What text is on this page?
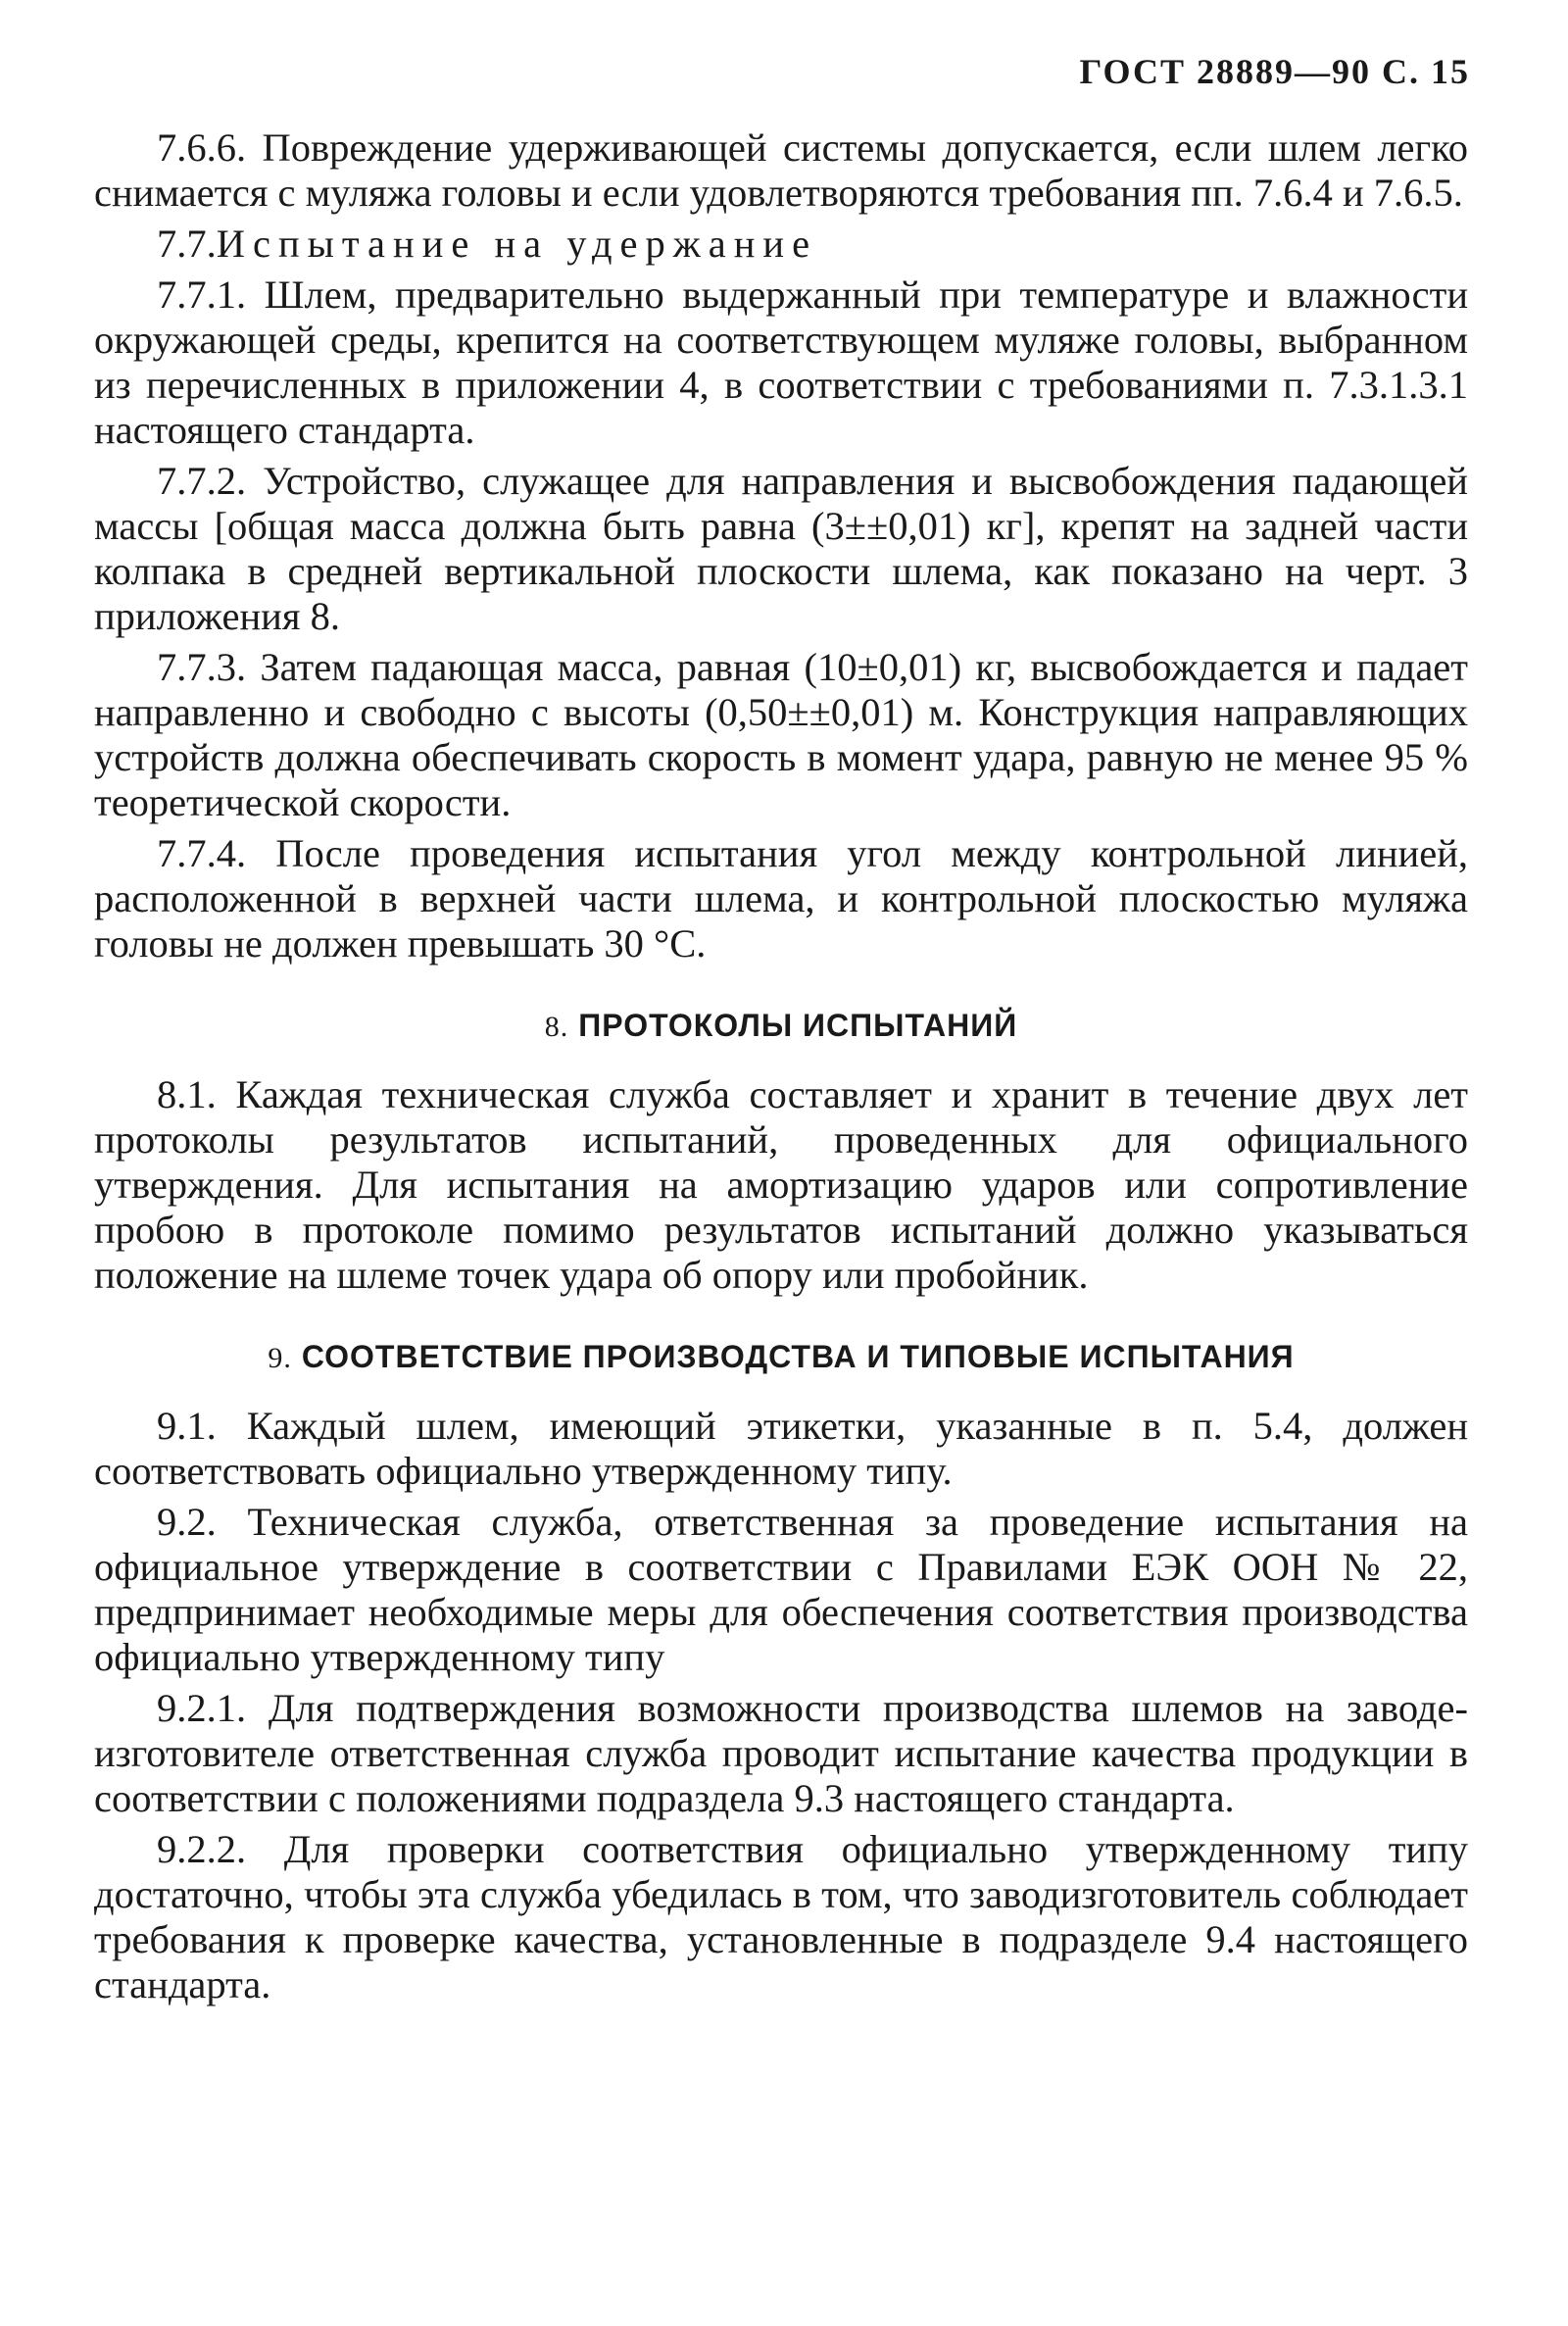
ГОСТ 28889—90 С. 15

7.6.6. Повреждение удерживающей системы допускается, если шлем легко снимается с муляжа головы и если удовлетворяются требования пп. 7.6.4 и 7.6.5.

7.7.Испытание на удержание

7.7.1. Шлем, предварительно выдержанный при температуре и влажности окружающей среды, крепится на соответствующем муляже головы, выбранном из перечисленных в приложении 4, в соответствии с требованиями п. 7.3.1.3.1 настоящего стандарта.

7.7.2. Устройство, служащее для направления и высвобождения падающей массы [общая масса должна быть равна (3±±0,01) кг], крепят на задней части колпака в средней вертикальной плоскости шлема, как показано на черт. 3 приложения 8.

7.7.3. Затем падающая масса, равная (10±0,01) кг, высвобождается и падает направленно и свободно с высоты (0,50±±0,01) м. Конструкция направляющих устройств должна обеспечивать скорость в момент удара, равную не менее 95 % теоретической скорости.

7.7.4. После проведения испытания угол между контрольной линией, расположенной в верхней части шлема, и контрольной плоскостью муляжа головы не должен превышать 30 °С.

8. ПРОТОКОЛЫ ИСПЫТАНИЙ

8.1. Каждая техническая служба составляет и хранит в течение двух лет протоколы результатов испытаний, проведенных для официального утверждения. Для испытания на амортизацию ударов или сопротивление пробою в протоколе помимо результатов испытаний должно указываться положение на шлеме точек удара об опору или пробойник.

9. СООТВЕТСТВИЕ ПРОИЗВОДСТВА И ТИПОВЫЕ ИСПЫТАНИЯ

9.1. Каждый шлем, имеющий этикетки, указанные в п. 5.4, должен соответствовать официально утвержденному типу.

9.2. Техническая служба, ответственная за проведение испытания на официальное утверждение в соответствии с Правилами ЕЭК ООН № 22, предпринимает необходимые меры для обеспечения соответствия производства официально утвержденному типу

9.2.1. Для подтверждения возможности производства шлемов на заводе-изготовителе ответственная служба проводит испытание качества продукции в соответствии с положениями подраздела 9.3 настоящего стандарта.

9.2.2. Для проверки соответствия официально утвержденному типу достаточно, чтобы эта служба убедилась в том, что заводизготовитель соблюдает требования к проверке качества, установленные в подразделе 9.4 настоящего стандарта.
